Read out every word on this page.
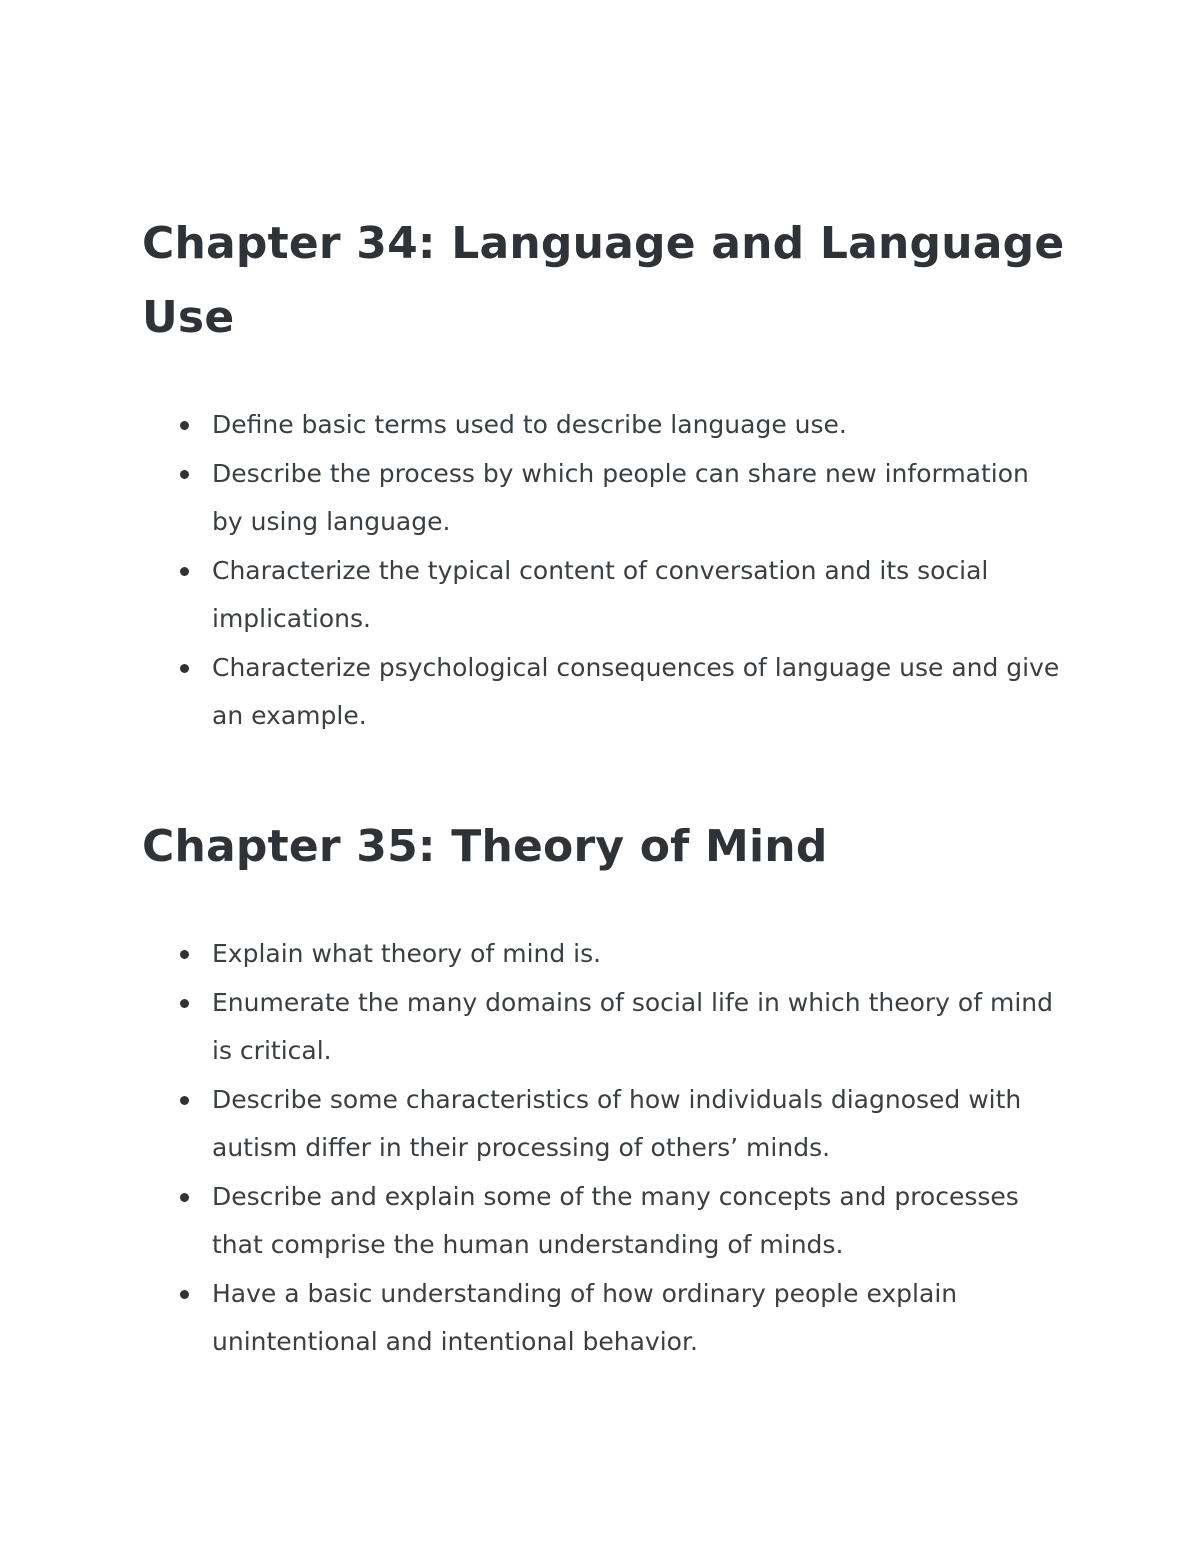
Chapter 34: Language and Language Use
Define basic terms used to describe language use.
Describe the process by which people can share new information by using language.
Characterize the typical content of conversation and its social implications.
Characterize psychological consequences of language use and give an example.
Chapter 35: Theory of Mind
Explain what theory of mind is.
Enumerate the many domains of social life in which theory of mind is critical.
Describe some characteristics of how individuals diagnosed with autism differ in their processing of others’ minds.
Describe and explain some of the many concepts and processes that comprise the human understanding of minds.
Have a basic understanding of how ordinary people explain unintentional and intentional behavior.
